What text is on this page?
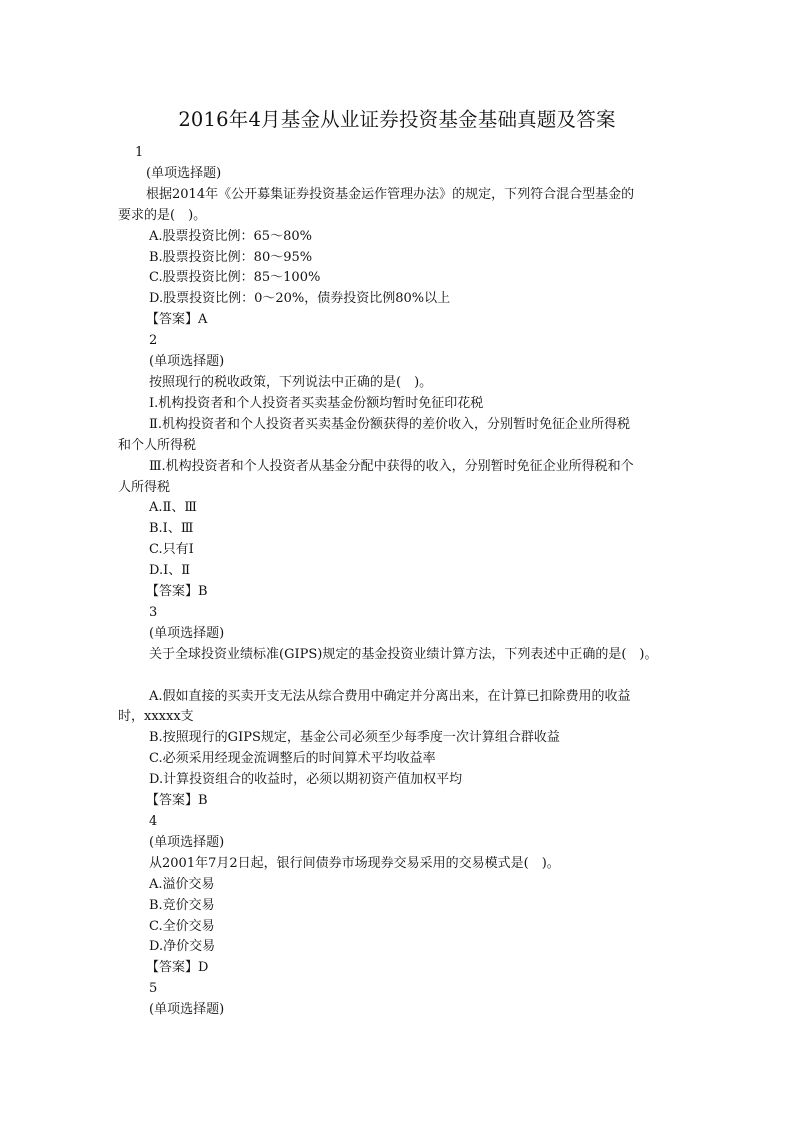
2016年4月基金从业证券投资基金基础真题及答案
1
(单项选择题)
根据2014年《公开募集证券投资基金运作管理办法》的规定，下列符合混合型基金的
要求的是(　)。
A.股票投资比例：65～80%
B.股票投资比例：80～95%
C.股票投资比例：85～100%
D.股票投资比例：0～20%，债券投资比例80%以上
【答案】A
2
(单项选择题)
按照现行的税收政策，下列说法中正确的是(　)。
Ⅰ.机构投资者和个人投资者买卖基金份额均暂时免征印花税
Ⅱ.机构投资者和个人投资者买卖基金份额获得的差价收入，分别暂时免征企业所得税
和个人所得税
Ⅲ.机构投资者和个人投资者从基金分配中获得的收入，分别暂时免征企业所得税和个
人所得税
A.Ⅱ、Ⅲ
B.Ⅰ、Ⅲ
C.只有Ⅰ
D.Ⅰ、Ⅱ
【答案】B
3
(单项选择题)
关于全球投资业绩标准(GIPS)规定的基金投资业绩计算方法，下列表述中正确的是(　)。
A.假如直接的买卖开支无法从综合费用中确定并分离出来，在计算已扣除费用的收益
时，xxxxx支
B.按照现行的GIPS规定，基金公司必须至少每季度一次计算组合群收益
C.必须采用经现金流调整后的时间算术平均收益率
D.计算投资组合的收益时，必须以期初资产值加权平均
【答案】B
4
(单项选择题)
从2001年7月2日起，银行间债券市场现券交易采用的交易模式是(　)。
A.溢价交易
B.竞价交易
C.全价交易
D.净价交易
【答案】D
5
(单项选择题)
